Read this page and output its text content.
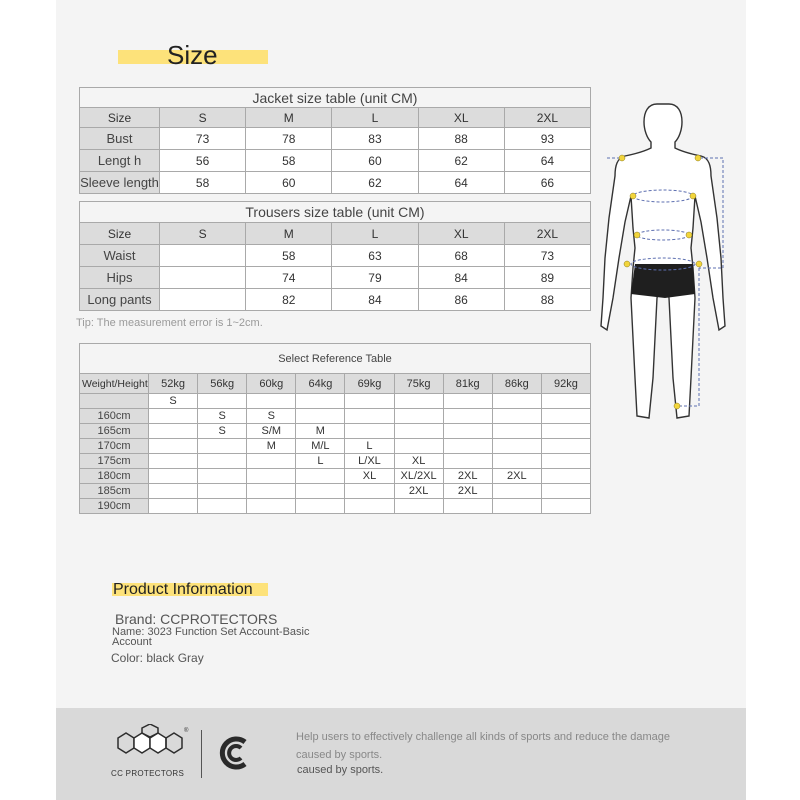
Size
Jacket size table (unit CM)					
Size	S	M	L	XL	2XL
Bust	73	78	83	88	93
Lengt h	56	58	60	62	64
Sleeve length	58	60	62	64	66
Trousers size table (unit CM)					
Size	S	M	L	XL	2XL
Waist		58	63	68	73
Hips		74	79	84	89
Long pants		82	84	86	88
Tip: The measurement error is 1~2cm.
Select Reference Table									
Weight/Height	52kg	56kg	60kg	64kg	69kg	75kg	81kg	86kg	92kg
	S								
160cm		S	S						
165cm		S	S/M	M					
170cm			M	M/L	L				
175cm				L	L/XL	XL			
180cm					XL	XL/2XL	2XL	2XL	
185cm						2XL	2XL		
190cm									
Product Information
Brand: CCPROTECTORS
Name: 3023 Function Set Account-Basic Account
Color: black Gray
®
CC PROTECTORS
Help users to effectively challenge all kinds of sports and reduce the damage
caused by sports.
caused by sports.
